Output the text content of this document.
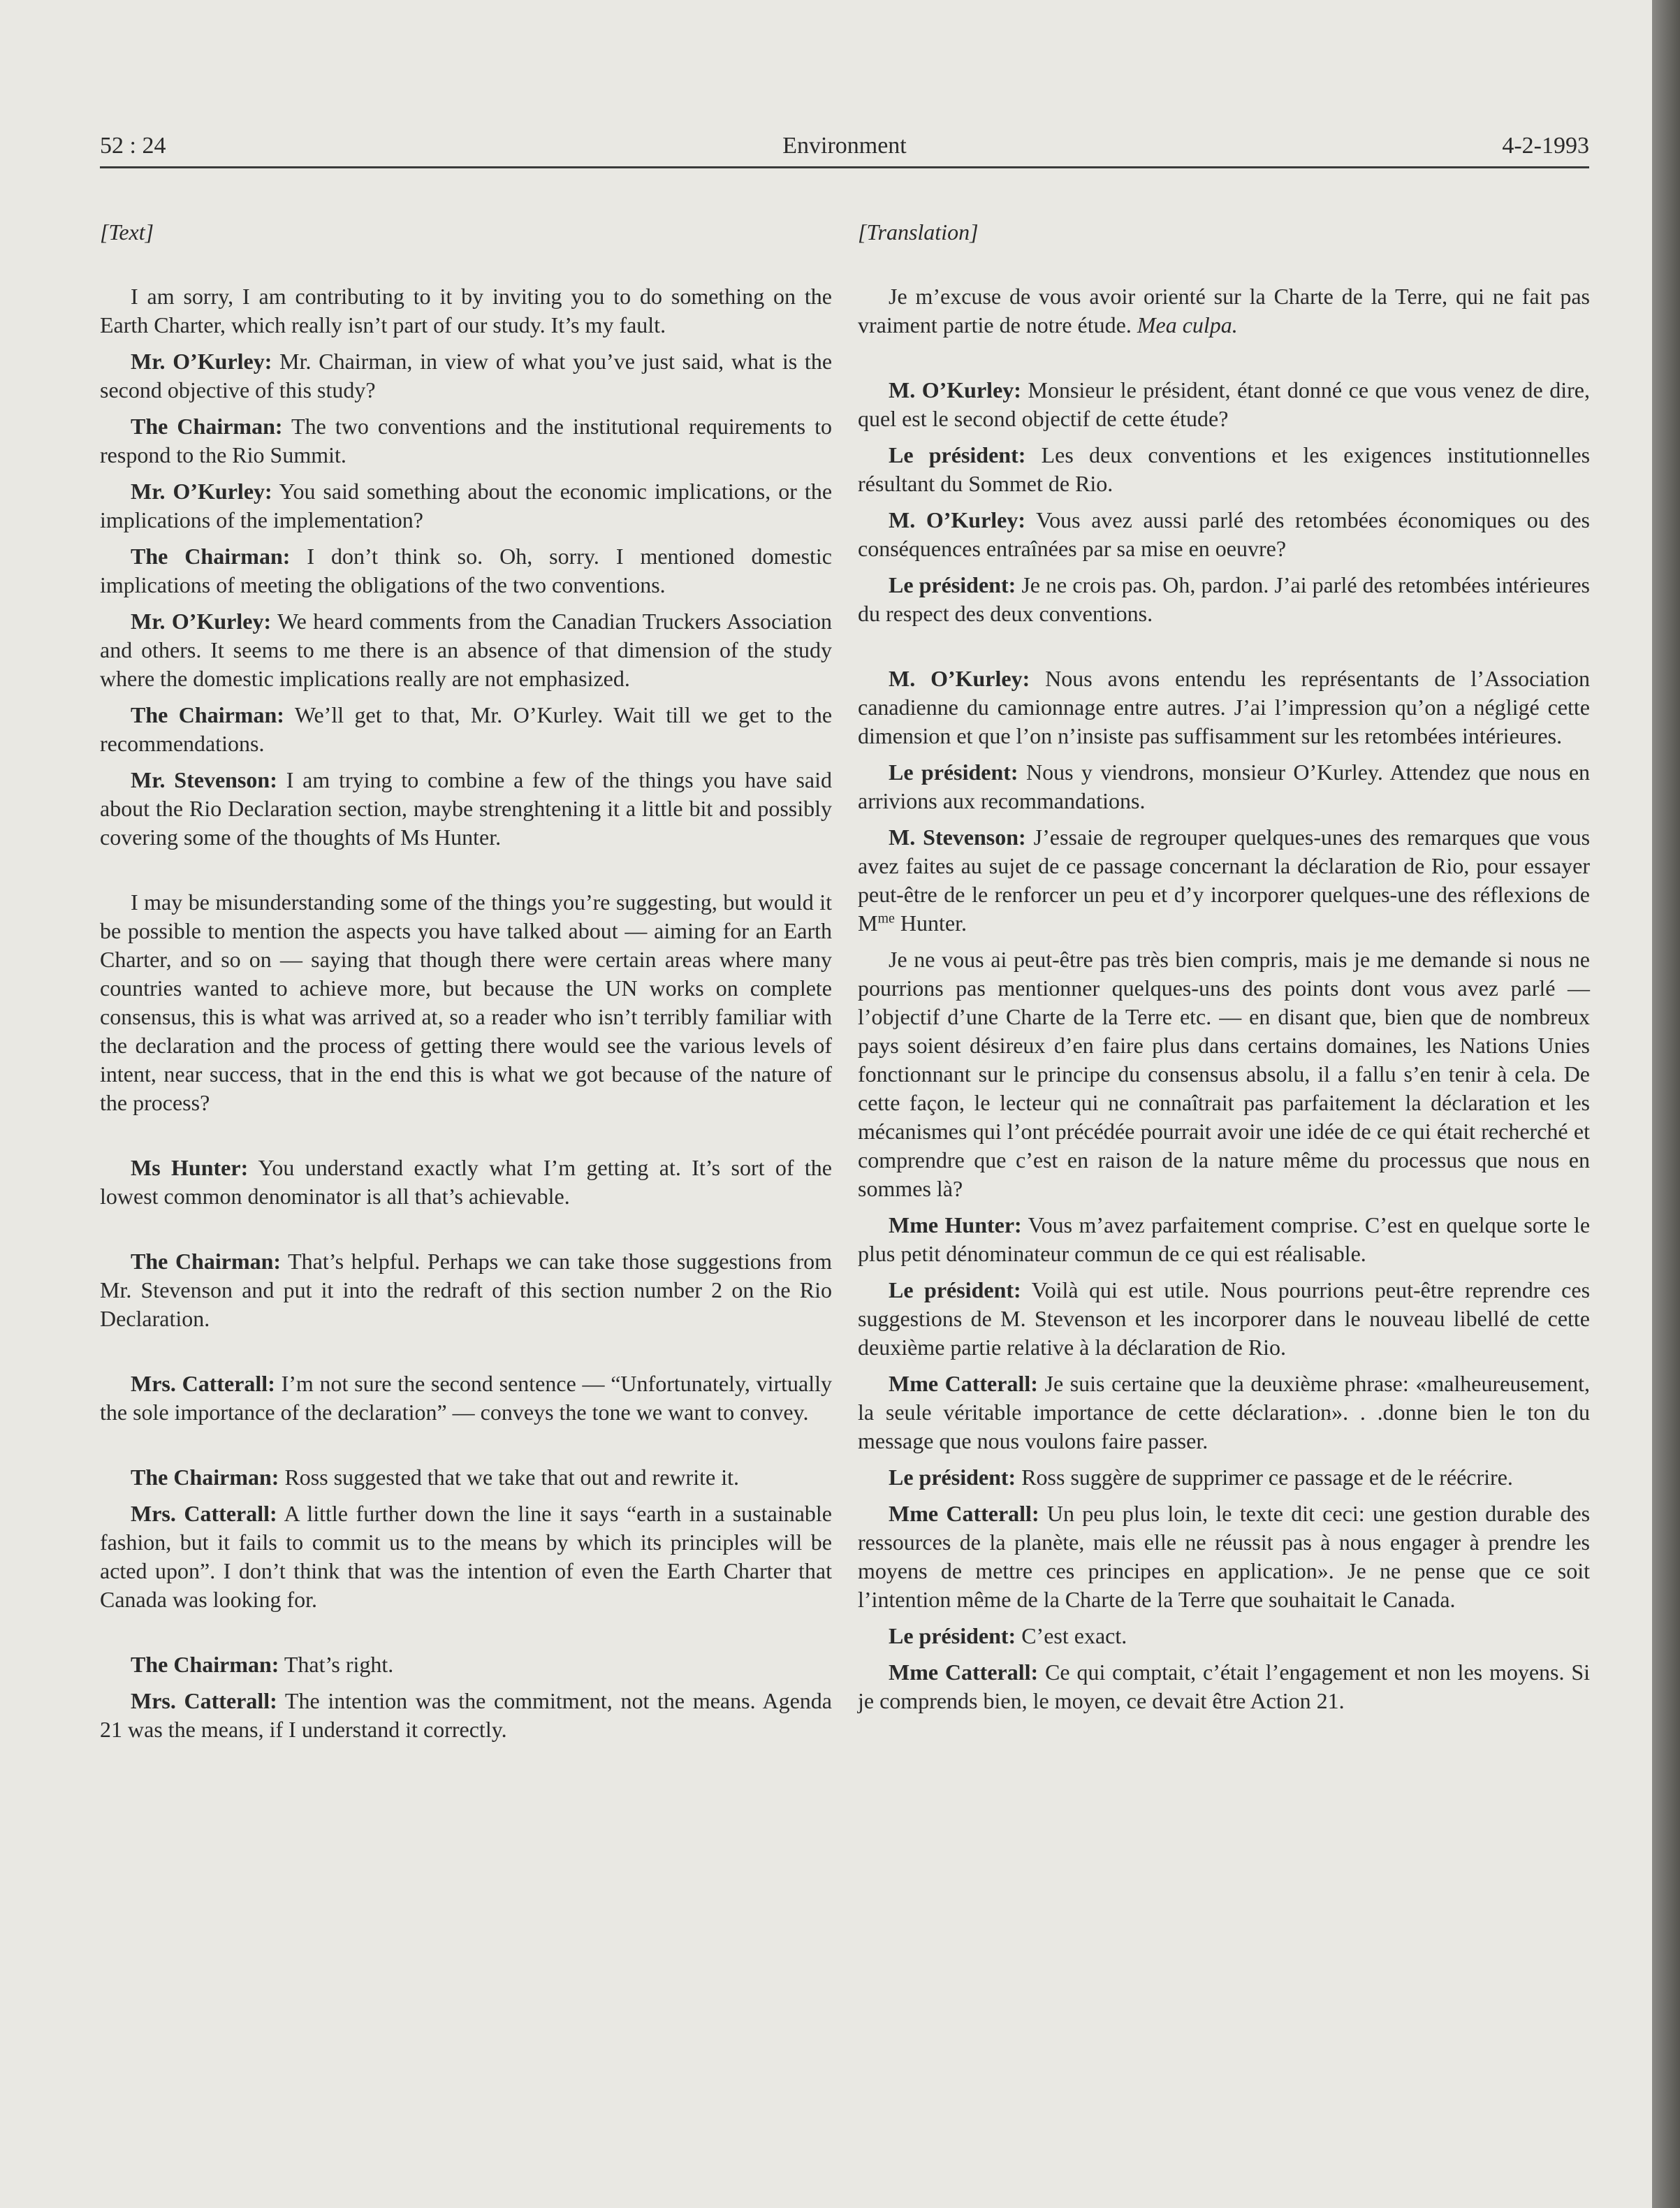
52 : 24	Environment	4-2-1993

[Text]

I am sorry, I am contributing to it by inviting you to do something on the Earth Charter, which really isn’t part of our study. It’s my fault.

Mr. O’Kurley: Mr. Chairman, in view of what you’ve just said, what is the second objective of this study?

The Chairman: The two conventions and the institutional requirements to respond to the Rio Summit.

Mr. O’Kurley: You said something about the economic implications, or the implications of the implementation?

The Chairman: I don’t think so. Oh, sorry. I mentioned domestic implications of meeting the obligations of the two conventions.

Mr. O’Kurley: We heard comments from the Canadian Truckers Association and others. It seems to me there is an absence of that dimension of the study where the domestic implications really are not emphasized.

The Chairman: We’ll get to that, Mr. O’Kurley. Wait till we get to the recommendations.

Mr. Stevenson: I am trying to combine a few of the things you have said about the Rio Declaration section, maybe strenghtening it a little bit and possibly covering some of the thoughts of Ms Hunter.

I may be misunderstanding some of the things you’re suggesting, but would it be possible to mention the aspects you have talked about — aiming for an Earth Charter, and so on — saying that though there were certain areas where many countries wanted to achieve more, but because the UN works on complete consensus, this is what was arrived at, so a reader who isn’t terribly familiar with the declaration and the process of getting there would see the various levels of intent, near success, that in the end this is what we got because of the nature of the process?

Ms Hunter: You understand exactly what I’m getting at. It’s sort of the lowest common denominator is all that’s achievable.

The Chairman: That’s helpful. Perhaps we can take those suggestions from Mr. Stevenson and put it into the redraft of this section number 2 on the Rio Declaration.

Mrs. Catterall: I’m not sure the second sentence — “Unfortunately, virtually the sole importance of the declaration” — conveys the tone we want to convey.

The Chairman: Ross suggested that we take that out and rewrite it.

Mrs. Catterall: A little further down the line it says “earth in a sustainable fashion, but it fails to commit us to the means by which its principles will be acted upon”. I don’t think that was the intention of even the Earth Charter that Canada was looking for.

The Chairman: That’s right.

Mrs. Catterall: The intention was the commitment, not the means. Agenda 21 was the means, if I understand it correctly.

[Translation]

Je m’excuse de vous avoir orienté sur la Charte de la Terre, qui ne fait pas vraiment partie de notre étude. Mea culpa.

M. O’Kurley: Monsieur le président, étant donné ce que vous venez de dire, quel est le second objectif de cette étude?

Le président: Les deux conventions et les exigences institutionnelles résultant du Sommet de Rio.

M. O’Kurley: Vous avez aussi parlé des retombées économiques ou des conséquences entraînées par sa mise en oeuvre?

Le président: Je ne crois pas. Oh, pardon. J’ai parlé des retombées intérieures du respect des deux conventions.

M. O’Kurley: Nous avons entendu les représentants de l’Association canadienne du camionnage entre autres. J’ai l’impression qu’on a négligé cette dimension et que l’on n’insiste pas suffisamment sur les retombées intérieures.

Le président: Nous y viendrons, monsieur O’Kurley. Attendez que nous en arrivions aux recommandations.

M. Stevenson: J’essaie de regrouper quelques-unes des remarques que vous avez faites au sujet de ce passage concernant la déclaration de Rio, pour essayer peut-être de le renforcer un peu et d’y incorporer quelques-une des réflexions de $M^{me}$ Hunter.

Je ne vous ai peut-être pas très bien compris, mais je me demande si nous ne pourrions pas mentionner quelques-uns des points dont vous avez parlé — l’objectif d’une Charte de la Terre etc. — en disant que, bien que de nombreux pays soient désireux d’en faire plus dans certains domaines, les Nations Unies fonctionnant sur le principe du consensus absolu, il a fallu s’en tenir à cela. De cette façon, le lecteur qui ne connaîtrait pas parfaitement la déclaration et les mécanismes qui l’ont précédée pourrait avoir une idée de ce qui était recherché et comprendre que c’est en raison de la nature même du processus que nous en sommes là?

Mme Hunter: Vous m’avez parfaitement comprise. C’est en quelque sorte le plus petit dénominateur commun de ce qui est réalisable.

Le président: Voilà qui est utile. Nous pourrions peut-être reprendre ces suggestions de M. Stevenson et les incorporer dans le nouveau libellé de cette deuxième partie relative à la déclaration de Rio.

Mme Catterall: Je suis certaine que la deuxième phrase: «malheureusement, la seule véritable importance de cette déclaration». . .donne bien le ton du message que nous voulons faire passer.

Le président: Ross suggère de supprimer ce passage et de le réécrire.

Mme Catterall: Un peu plus loin, le texte dit ceci: une gestion durable des ressources de la planète, mais elle ne réussit pas à nous engager à prendre les moyens de mettre ces principes en application». Je ne pense que ce soit l’intention même de la Charte de la Terre que souhaitait le Canada.

Le président: C’est exact.

Mme Catterall: Ce qui comptait, c’était l’engagement et non les moyens. Si je comprends bien, le moyen, ce devait être Action 21.
